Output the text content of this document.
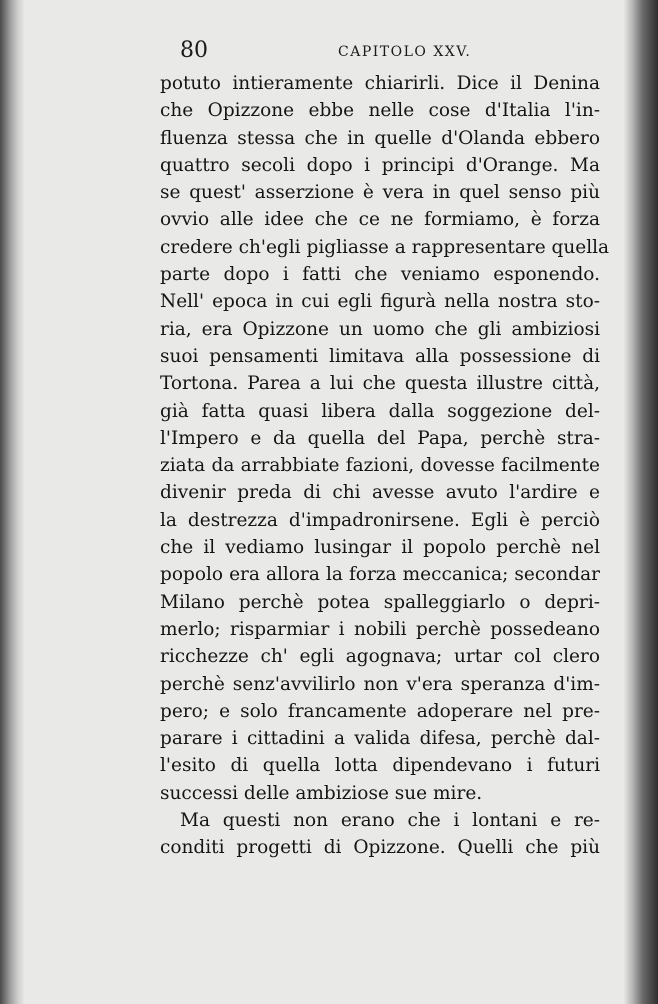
80	CAPITOLO XXV.
potuto intieramente chiarirli. Dice il Denina
che Opizzone ebbe nelle cose d'Italia l'in-
fluenza stessa che in quelle d'Olanda ebbero
quattro secoli dopo i principi d'Orange. Ma
se quest' asserzione è vera in quel senso più
ovvio alle idee che ce ne formiamo, è forza
credere ch'egli pigliasse a rappresentare quella
parte dopo i fatti che veniamo esponendo.
Nell' epoca in cui egli figurà nella nostra sto-
ria, era Opizzone un uomo che gli ambiziosi
suoi pensamenti limitava alla possessione di
Tortona. Parea a lui che questa illustre città,
già fatta quasi libera dalla soggezione del-
l'Impero e da quella del Papa, perchè stra-
ziata da arrabbiate fazioni, dovesse facilmente
divenir preda di chi avesse avuto l'ardire e
la destrezza d'impadronirsene. Egli è perciò
che il vediamo lusingar il popolo perchè nel
popolo era allora la forza meccanica; secondar
Milano perchè potea spalleggiarlo o depri-
merlo; risparmiar i nobili perchè possedeano
ricchezze ch' egli agognava; urtar col clero
perchè senz'avvilirlo non v'era speranza d'im-
pero; e solo francamente adoperare nel pre-
parare i cittadini a valida difesa, perchè dal-
l'esito di quella lotta dipendevano i futuri
successi delle ambiziose sue mire.
Ma questi non erano che i lontani e re-
conditi progetti di Opizzone. Quelli che più
